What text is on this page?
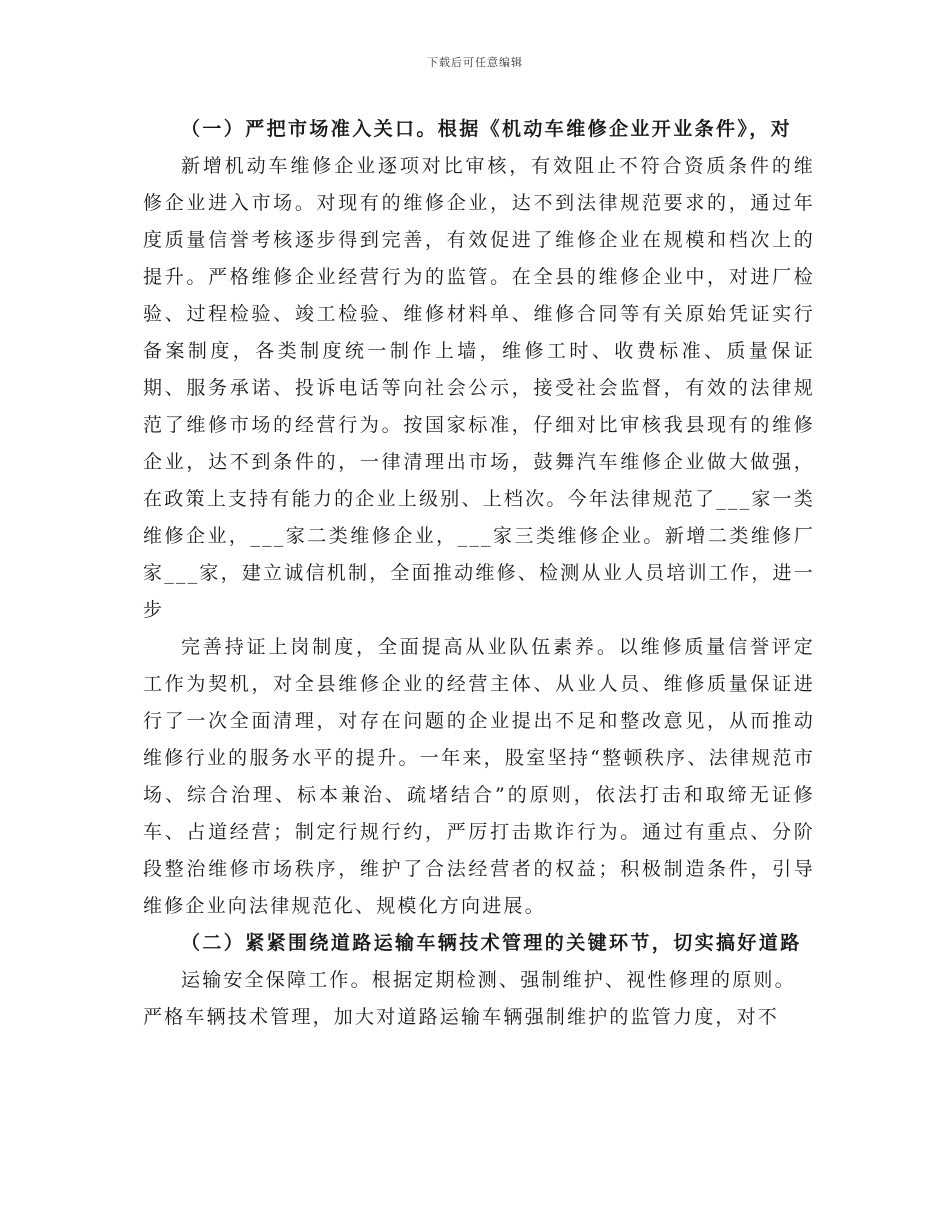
下载后可任意编辑

（一）严把市场准入关口。根据《机动车维修企业开业条件》，对

新增机动车维修企业逐项对比审核，有效阻止不符合资质条件的维修企业进入市场。对现有的维修企业，达不到法律规范要求的，通过年度质量信誉考核逐步得到完善，有效促进了维修企业在规模和档次上的提升。严格维修企业经营行为的监管。在全县的维修企业中，对进厂检验、过程检验、竣工检验、维修材料单、维修合同等有关原始凭证实行备案制度，各类制度统一制作上墙，维修工时、收费标准、质量保证期、服务承诺、投诉电话等向社会公示，接受社会监督，有效的法律规范了维修市场的经营行为。按国家标准，仔细对比审核我县现有的维修企业，达不到条件的，一律清理出市场，鼓舞汽车维修企业做大做强，在政策上支持有能力的企业上级别、上档次。今年法律规范了___家一类维修企业，___家二类维修企业，___家三类维修企业。新增二类维修厂家___家，建立诚信机制，全面推动维修、检测从业人员培训工作，进一步

完善持证上岗制度，全面提高从业队伍素养。以维修质量信誉评定工作为契机，对全县维修企业的经营主体、从业人员、维修质量保证进行了一次全面清理，对存在问题的企业提出不足和整改意见，从而推动维修行业的服务水平的提升。一年来，股室坚持“整顿秩序、法律规范市场、综合治理、标本兼治、疏堵结合”的原则，依法打击和取缔无证修车、占道经营；制定行规行约，严厉打击欺诈行为。通过有重点、分阶段整治维修市场秩序，维护了合法经营者的权益；积极制造条件，引导维修企业向法律规范化、规模化方向进展。

（二）紧紧围绕道路运输车辆技术管理的关键环节，切实搞好道路

运输安全保障工作。根据定期检测、强制维护、视性修理的原则。

严格车辆技术管理，加大对道路运输车辆强制维护的监管力度，对不
